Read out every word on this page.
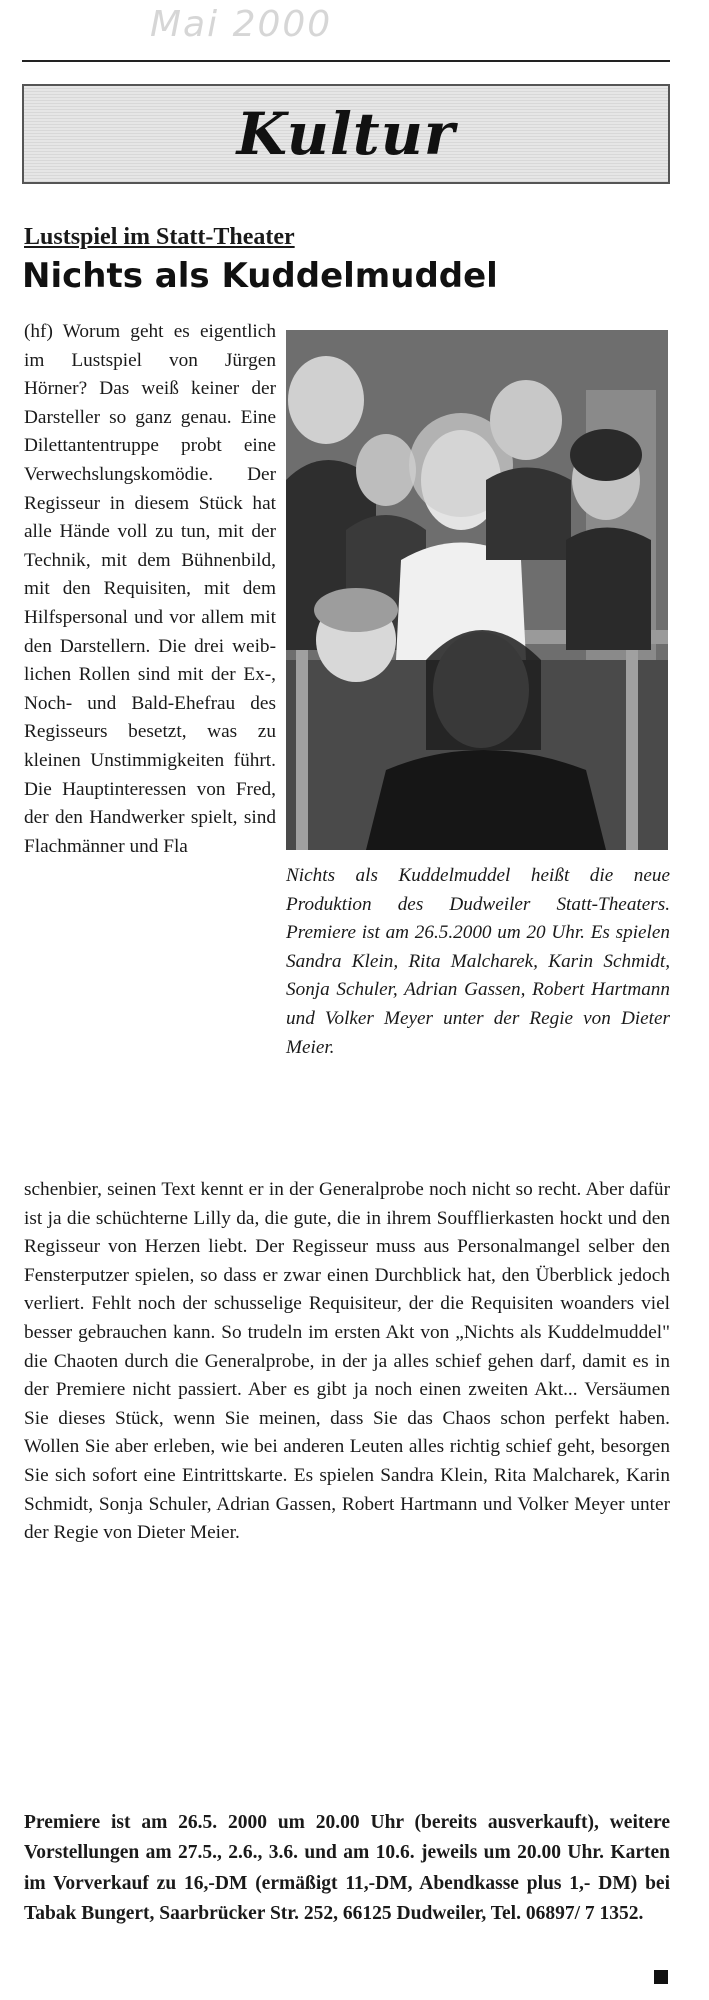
Mai 2000
Kultur
Lustspiel im Statt-Theater
Nichts als Kuddelmuddel

(hf) Worum geht es eigentlich im Lustspiel von Jürgen Hörner? Das weiß keiner der Darsteller so ganz genau. Eine Dilettantentruppe probt eine Verwechslungskomödie. Der Regisseur in diesem Stück hat alle Hände voll zu tun, mit der Technik, mit dem Bühnenbild, mit den Requisiten, mit dem Hilfspersonal und vor allem mit den Darstellern. Die drei weiblichen Rollen sind mit der Ex-, Noch- und Bald-Ehefrau des Regisseurs besetzt, was zu kleinen Unstimmigkeiten führt. Die Hauptinteressen von Fred, der den Handwerker spielt, sind Flachmänner und Fla

Nichts als Kuddelmuddel heißt die neue Produktion des Dudweiler Statt-Theaters. Premiere ist am 26.5.2000 um 20 Uhr. Es spielen Sandra Klein, Rita Malcharek, Karin Schmidt, Sonja Schuler, Adrian Gassen, Robert Hartmann und Volker Meyer unter der Regie von Dieter Meier.

schenbier, seinen Text kennt er in der Generalprobe noch nicht so recht. Aber dafür ist ja die schüchterne Lilly da, die gute, die in ihrem Soufflierkasten hockt und den Regisseur von Herzen liebt. Der Regisseur muss aus Personalmangel selber den Fensterputzer spielen, so dass er zwar einen Durchblick hat, den Überblick jedoch verliert. Fehlt noch der schusselige Requisiteur, der die Requisiten woanders viel besser gebrauchen kann. So trudeln im ersten Akt von „Nichts als Kuddelmuddel" die Chaoten durch die Generalprobe, in der ja alles schief gehen darf, damit es in der Premiere nicht passiert. Aber es gibt ja noch einen zweiten Akt... Versäumen Sie dieses Stück, wenn Sie meinen, dass Sie das Chaos schon perfekt haben. Wollen Sie aber erleben, wie bei anderen Leuten alles richtig schief geht, besorgen Sie sich sofort eine Eintrittskarte. Es spielen Sandra Klein, Rita Malcharek, Karin Schmidt, Sonja Schuler, Adrian Gassen, Robert Hartmann und Volker Meyer unter der Regie von Dieter Meier.

Premiere ist am 26.5. 2000 um 20.00 Uhr (bereits ausverkauft), weitere Vorstellungen am 27.5., 2.6., 3.6. und am 10.6. jeweils um 20.00 Uhr. Karten im Vorverkauf zu 16,-DM (ermäßigt 11,-DM, Abendkasse plus 1,- DM) bei Tabak Bungert, Saarbrücker Str. 252, 66125 Dudweiler, Tel. 06897/ 7 1352.
